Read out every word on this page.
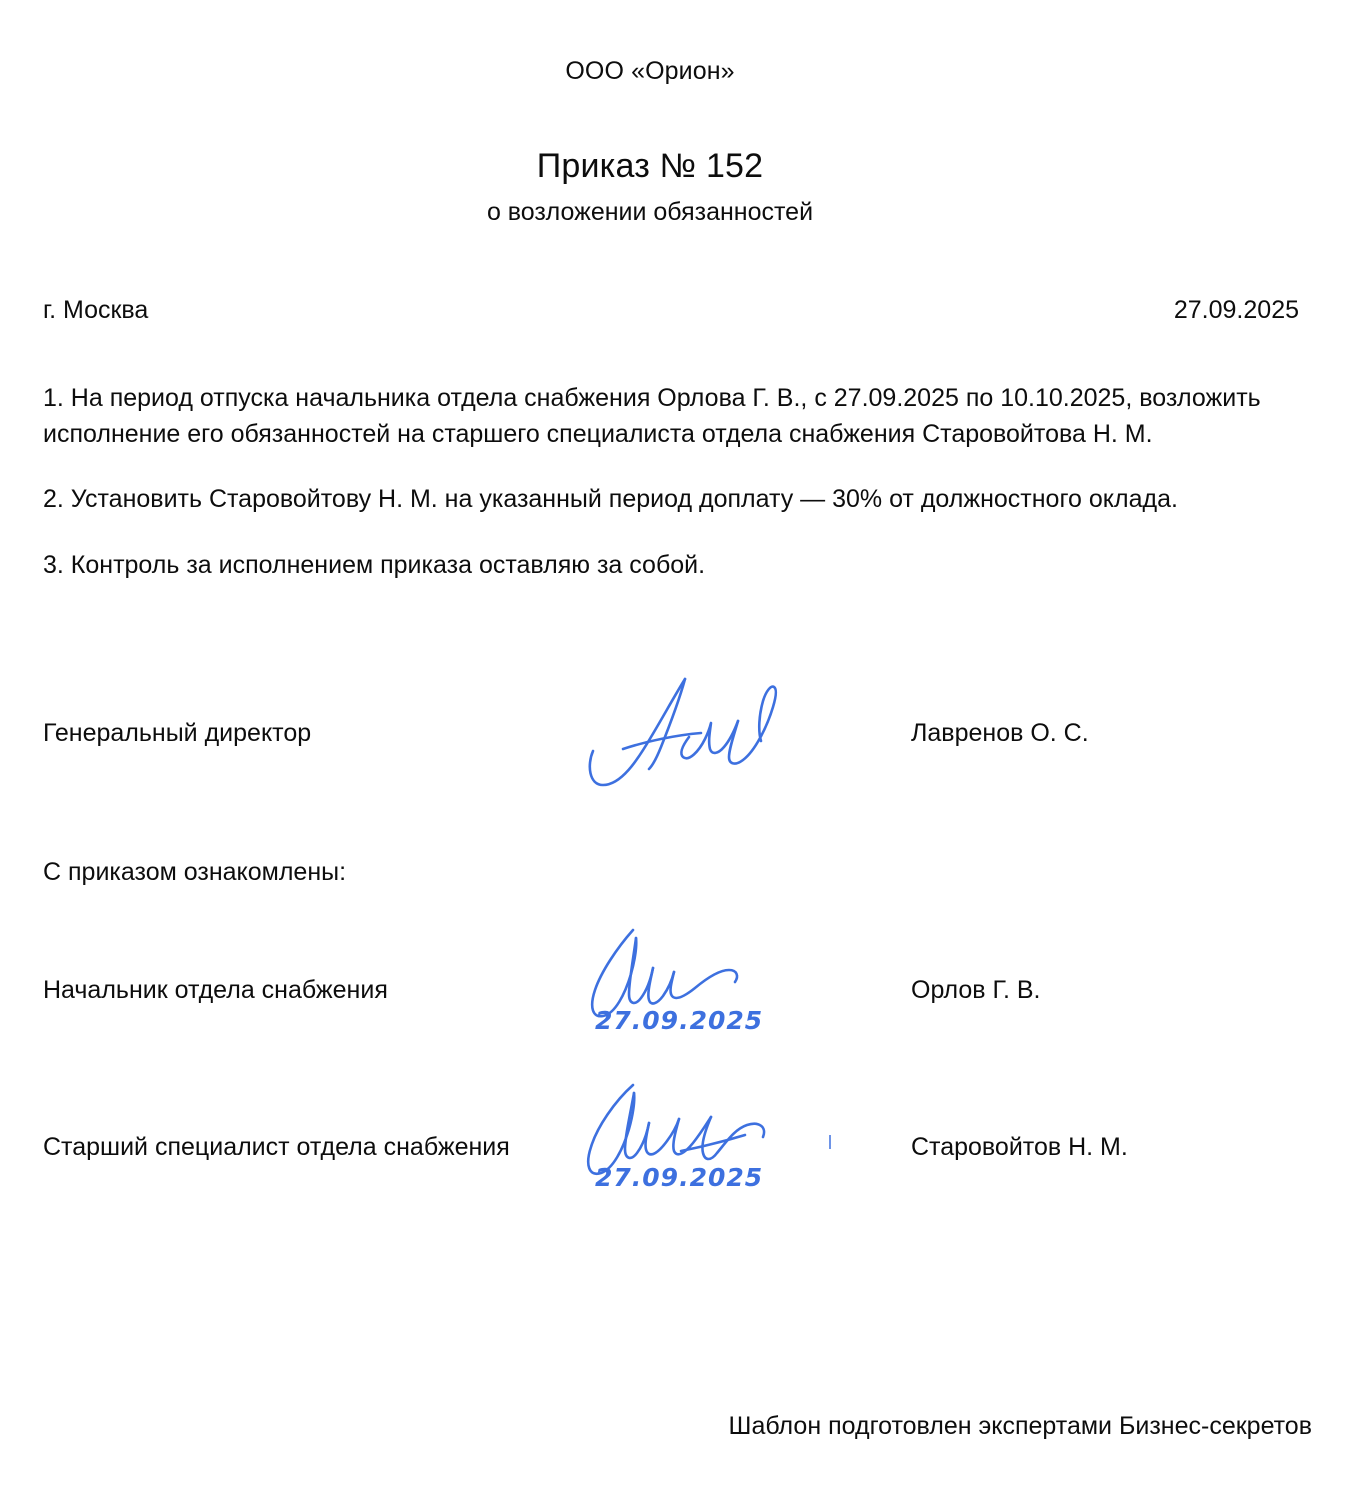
ООО «Орион»
Приказ № 152
о возложении обязанностей
г. Москва	27.09.2025

1. На период отпуска начальника отдела снабжения Орлова Г. В., с 27.09.2025 по 10.10.2025, возложить исполнение его обязанностей на старшего специалиста отдела снабжения Старовойтова Н. М.

2. Установить Старовойтову Н. М. на указанный период доплату — 30% от должностного оклада.

3. Контроль за исполнением приказа оставляю за собой.

Генеральный директор	Лавренов О. С.
С приказом ознакомлены:
Начальник отдела снабжения
27.09.2025
Орлов Г. В.
Старший специалист отдела снабжения
27.09.2025
Старовойтов Н. М.
Шаблон подготовлен экспертами Бизнес-секретов
